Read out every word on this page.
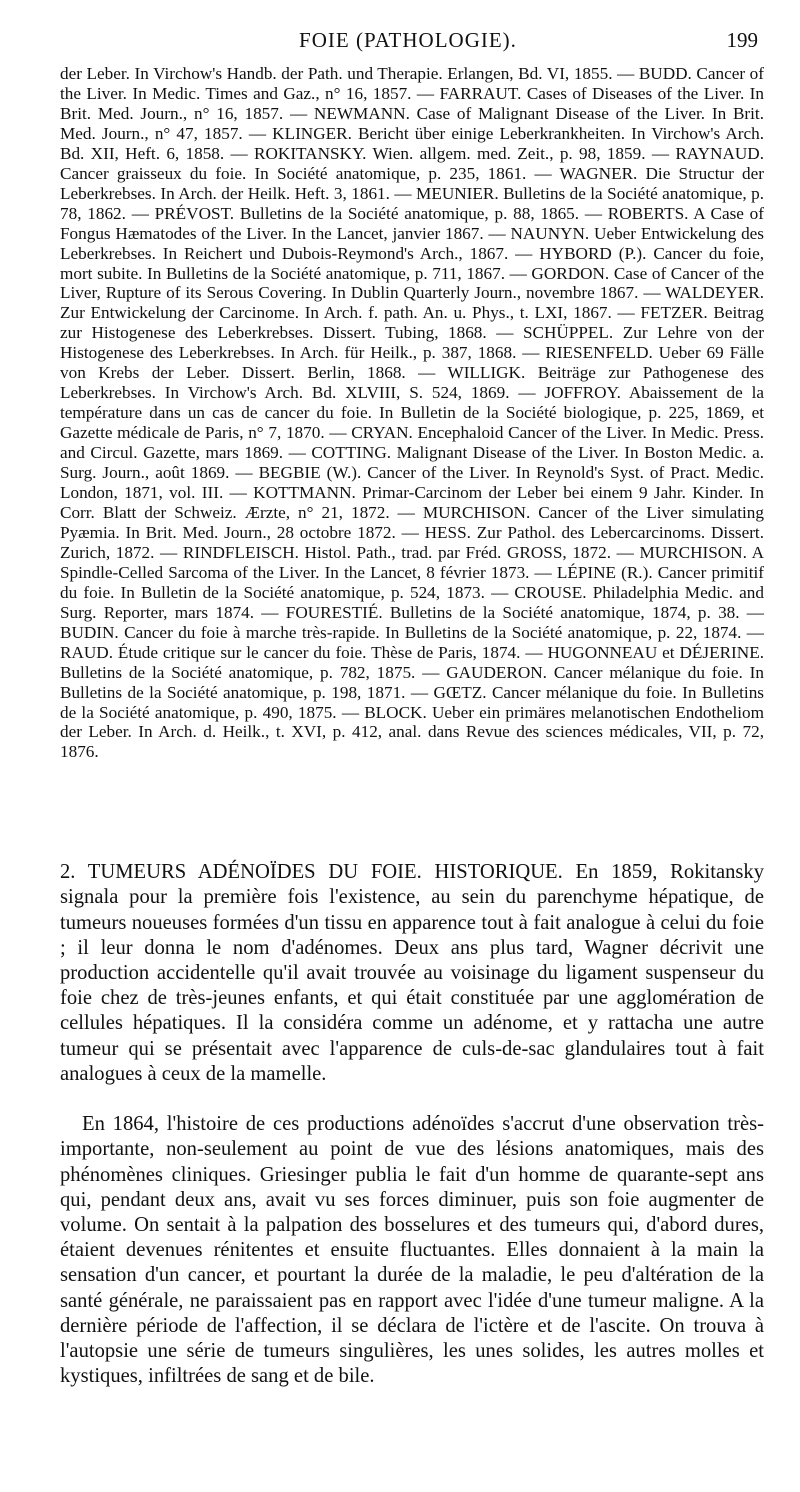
FOIE (PATHOLOGIE).	199
der Leber. In Virchow's Handb. der Path. und Therapie. Erlangen, Bd. VI, 1855. — BUDD. Cancer of the Liver. In Medic. Times and Gaz., n° 16, 1857. — FARRAUT. Cases of Diseases of the Liver. In Brit. Med. Journ., n° 16, 1857. — NEWMANN. Case of Malignant Disease of the Liver. In Brit. Med. Journ., n° 47, 1857. — KLINGER. Bericht über einige Leberkrankheiten. In Virchow's Arch. Bd. XII, Heft. 6, 1858. — ROKITANSKY. Wien. allgem. med. Zeit., p. 98, 1859. — RAYNAUD. Cancer graisseux du foie. In Société anatomique, p. 235, 1861. — WAGNER. Die Structur der Leberkrebses. In Arch. der Heilk. Heft. 3, 1861. — MEUNIER. Bulletins de la Société anatomique, p. 78, 1862. — PRÉVOST. Bulletins de la Société anatomique, p. 88, 1865. — ROBERTS. A Case of Fongus Hæmatodes of the Liver. In the Lancet, janvier 1867. — NAUNYN. Ueber Entwickelung des Leberkrebses. In Reichert und Dubois-Reymond's Arch., 1867. — HYBORD (P.). Cancer du foie, mort subite. In Bulletins de la Société anatomique, p. 711, 1867. — GORDON. Case of Cancer of the Liver, Rupture of its Serous Covering. In Dublin Quarterly Journ., novembre 1867. — WALDEYER. Zur Entwickelung der Carcinome. In Arch. f. path. An. u. Phys., t. LXI, 1867. — FETZER. Beitrag zur Histogenese des Leberkrebses. Dissert. Tubing, 1868. — SCHÜPPEL. Zur Lehre von der Histogenese des Leberkrebses. In Arch. für Heilk., p. 387, 1868. — RIESENFELD. Ueber 69 Fälle von Krebs der Leber. Dissert. Berlin, 1868. — WILLIGK. Beiträge zur Pathogenese des Leberkrebses. In Virchow's Arch. Bd. XLVIII, S. 524, 1869. — JOFFROY. Abaissement de la température dans un cas de cancer du foie. In Bulletin de la Société biologique, p. 225, 1869, et Gazette médicale de Paris, n° 7, 1870. — CRYAN. Encephaloid Cancer of the Liver. In Medic. Press. and Circul. Gazette, mars 1869. — COTTING. Malignant Disease of the Liver. In Boston Medic. a. Surg. Journ., août 1869. — BEGBIE (W.). Cancer of the Liver. In Reynold's Syst. of Pract. Medic. London, 1871, vol. III. — KOTTMANN. Primar-Carcinom der Leber bei einem 9 Jahr. Kinder. In Corr. Blatt der Schweiz. Ærzte, n° 21, 1872. — MURCHISON. Cancer of the Liver simulating Pyæmia. In Brit. Med. Journ., 28 octobre 1872. — HESS. Zur Pathol. des Lebercarcinoms. Dissert. Zurich, 1872. — RINDFLEISCH. Histol. Path., trad. par Fréd. GROSS, 1872. — MURCHISON. A Spindle-Celled Sarcoma of the Liver. In the Lancet, 8 février 1873. — LÉPINE (R.). Cancer primitif du foie. In Bulletin de la Société anatomique, p. 524, 1873. — CROUSE. Philadelphia Medic. and Surg. Reporter, mars 1874. — FOURESTIÉ. Bulletins de la Société anatomique, 1874, p. 38. — BUDIN. Cancer du foie à marche très-rapide. In Bulletins de la Société anatomique, p. 22, 1874. — RAUD. Étude critique sur le cancer du foie. Thèse de Paris, 1874. — HUGONNEAU et DÉJERINE. Bulletins de la Société anatomique, p. 782, 1875. — GAUDERON. Cancer mélanique du foie. In Bulletins de la Société anatomique, p. 198, 1871. — GŒTZ. Cancer mélanique du foie. In Bulletins de la Société anatomique, p. 490, 1875. — BLOCK. Ueber ein primäres melanotischen Endotheliom der Leber. In Arch. d. Heilk., t. XVI, p. 412, anal. dans Revue des sciences médicales, VII, p. 72, 1876.

2. TUMEURS ADÉNOÏDES DU FOIE. HISTORIQUE. En 1859, Rokitansky signala pour la première fois l'existence, au sein du parenchyme hépatique, de tumeurs noueuses formées d'un tissu en apparence tout à fait analogue à celui du foie ; il leur donna le nom d'adénomes. Deux ans plus tard, Wagner décrivit une production accidentelle qu'il avait trouvée au voisinage du ligament suspenseur du foie chez de très-jeunes enfants, et qui était constituée par une agglomération de cellules hépatiques. Il la considéra comme un adénome, et y rattacha une autre tumeur qui se présentait avec l'apparence de culs-de-sac glandulaires tout à fait analogues à ceux de la mamelle.

En 1864, l'histoire de ces productions adénoïdes s'accrut d'une observation très-importante, non-seulement au point de vue des lésions anatomiques, mais des phénomènes cliniques. Griesinger publia le fait d'un homme de quarante-sept ans qui, pendant deux ans, avait vu ses forces diminuer, puis son foie augmenter de volume. On sentait à la palpation des bosselures et des tumeurs qui, d'abord dures, étaient devenues rénitentes et ensuite fluctuantes. Elles donnaient à la main la sensation d'un cancer, et pourtant la durée de la maladie, le peu d'altération de la santé générale, ne paraissaient pas en rapport avec l'idée d'une tumeur maligne. A la dernière période de l'affection, il se déclara de l'ictère et de l'ascite. On trouva à l'autopsie une série de tumeurs singulières, les unes solides, les autres molles et kystiques, infiltrées de sang et de bile.
